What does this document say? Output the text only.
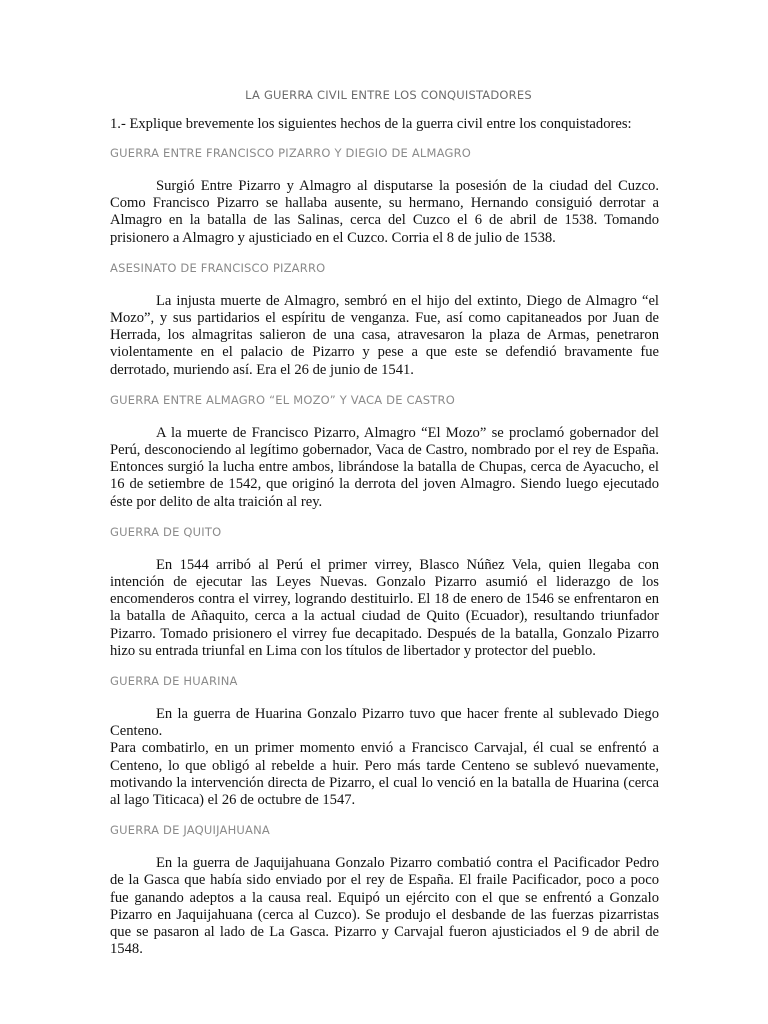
LA GUERRA CIVIL ENTRE LOS CONQUISTADORES

1.- Explique brevemente los siguientes hechos de la guerra civil entre los conquistadores:

GUERRA ENTRE FRANCISCO PIZARRO Y DIEGIO DE ALMAGRO

Surgió Entre Pizarro y Almagro al disputarse la posesión de la ciudad del Cuzco. Como Francisco Pizarro se hallaba ausente, su hermano, Hernando consiguió derrotar a Almagro en la batalla de las Salinas, cerca del Cuzco el 6 de abril de 1538. Tomando prisionero a Almagro y ajusticiado en el Cuzco. Corria el 8 de julio de 1538.

ASESINATO DE FRANCISCO PIZARRO

La injusta muerte de Almagro, sembró en el hijo del extinto, Diego de Almagro “el Mozo”, y sus partidarios el espíritu de venganza. Fue, así como capitaneados por Juan de Herrada, los almagritas salieron de una casa, atravesaron la plaza de Armas, penetraron violentamente en el palacio de Pizarro y pese a que este se defendió bravamente fue derrotado, muriendo así. Era el 26 de junio de 1541.

GUERRA ENTRE ALMAGRO “EL MOZO” Y VACA DE CASTRO

A la muerte de Francisco Pizarro, Almagro “El Mozo” se proclamó gobernador del Perú, desconociendo al legítimo gobernador, Vaca de Castro, nombrado por el rey de España. Entonces surgió la lucha entre ambos, librándose la batalla de Chupas, cerca de Ayacucho, el 16 de setiembre de 1542, que originó la derrota del joven Almagro. Siendo luego ejecutado éste por delito de alta traición al rey.

GUERRA DE QUITO

En 1544 arribó al Perú el primer virrey, Blasco Núñez Vela, quien llegaba con intención de ejecutar las Leyes Nuevas. Gonzalo Pizarro asumió el liderazgo de los encomenderos contra el virrey, logrando destituirlo. El 18 de enero de 1546 se enfrentaron en la batalla de Añaquito, cerca a la actual ciudad de Quito (Ecuador), resultando triunfador Pizarro. Tomado prisionero el virrey fue decapitado. Después de la batalla, Gonzalo Pizarro hizo su entrada triunfal en Lima con los títulos de libertador y protector del pueblo.

GUERRA DE HUARINA

En la guerra de Huarina Gonzalo Pizarro tuvo que hacer frente al sublevado Diego Centeno.

Para combatirlo, en un primer momento envió a Francisco Carvajal, él cual se enfrentó a Centeno, lo que obligó al rebelde a huir. Pero más tarde Centeno se sublevó nuevamente, motivando la intervención directa de Pizarro, el cual lo venció en la batalla de Huarina (cerca al lago Titicaca) el 26 de octubre de 1547.

GUERRA DE JAQUIJAHUANA

En la guerra de Jaquijahuana Gonzalo Pizarro combatió contra el Pacificador Pedro de la Gasca que había sido enviado por el rey de España. El fraile Pacificador, poco a poco fue ganando adeptos a la causa real. Equipó un ejército con el que se enfrentó a Gonzalo Pizarro en Jaquijahuana (cerca al Cuzco). Se produjo el desbande de las fuerzas pizarristas que se pasaron al lado de La Gasca. Pizarro y Carvajal fueron ajusticiados el 9 de abril de 1548.
